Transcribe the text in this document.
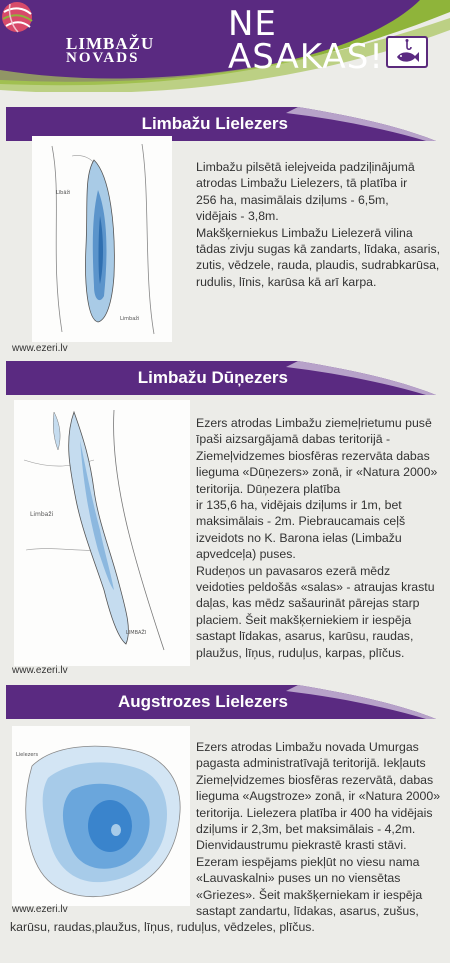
LIMBAŽU
NOVADS
NE
ASAKAS!
Limbažu Lielezers
Lībāži
Limbaži
www.ezeri.lv

Limbažu pilsētā ielejveida padziļinājumā
atrodas Limbažu Lielezers, tā platība ir
256 ha, masimālais dziļums - 6,5m,
vidējais - 3,8m.
Makšķerniekus Limbažu Lielezerā vilina
tādas zivju sugas kā zandarts, līdaka, asaris,
zutis, vēdzele, rauda, plaudis, sudrabkarūsa,
rudulis, līnis, karūsa kā arī karpa.

Limbažu Dūņezers
Limbaži
LIMBAŽI
www.ezeri.lv

Ezers atrodas Limbažu ziemeļrietumu pusē
īpaši aizsargājamā dabas teritorijā -
Ziemeļvidzemes biosfēras rezervāta dabas
lieguma «Dūņezers» zonā, ir «Natura 2000»
teritorija. Dūņezera platība
ir 135,6 ha, vidējais dziļums ir 1m, bet
maksimālais - 2m. Piebraucamais ceļš
izveidots no K. Barona ielas (Limbažu
apvedceļa) puses.
Rudeņos un pavasaros ezerā mēdz
veidoties peldošās «salas» - atraujas krastu
daļas, kas mēdz sašaurināt pārejas starp
placiem. Šeit makšķerniekiem ir iespēja
sastapt līdakas, asarus, karūsu, raudas,
plaužus, līņus, ruduļus, karpas, plīčus.

Augstrozes Lielezers
Lielezers
www.ezeri.lv

Ezers atrodas Limbažu novada Umurgas
pagasta administratīvajā teritorijā. Iekļauts
Ziemeļvidzemes biosfēras rezervātā, dabas
lieguma «Augstroze» zonā, ir «Natura 2000»
teritorija. Lielezera platība ir 400 ha vidējais
dziļums ir 2,3m, bet maksimālais - 4,2m.
Dienvidaustrumu piekrastē krasti stāvi.
Ezeram iespējams piekļūt no viesu nama
«Lauvaskalni» puses un no viensētas
«Griezes». Šeit makšķerniekam ir iespēja
sastapt zandartu, līdakas, asarus, zušus,

karūsu, raudas,plaužus, līņus, ruduļus, vēdzeles, plīčus.
